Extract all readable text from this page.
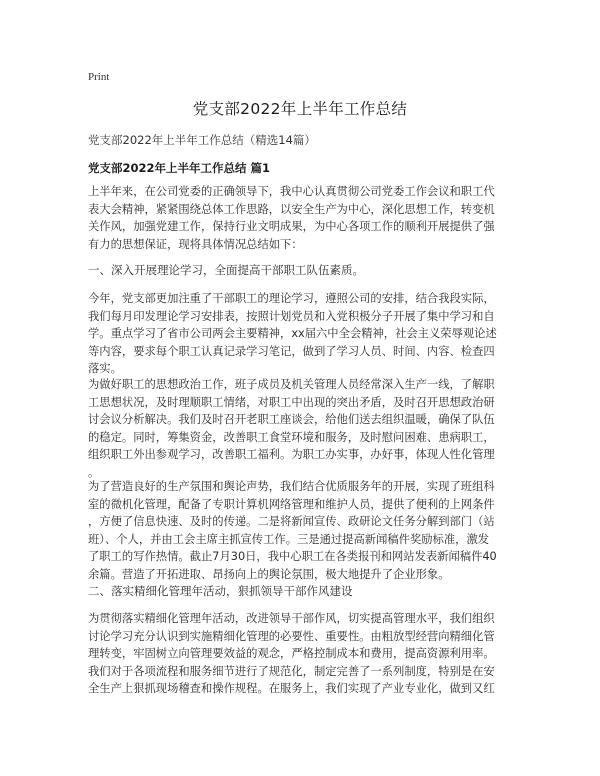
Print
党支部2022年上半年工作总结
党支部2022年上半年工作总结（精选14篇）
党支部2022年上半年工作总结 篇1
上半年来，在公司党委的正确领导下，我中心认真贯彻公司党委工作会议和职工代
表大会精神，紧紧围绕总体工作思路，以安全生产为中心，深化思想工作，转变机
关作风，加强党建工作，保持行业文明成果，为中心各项工作的顺利开展提供了强
有力的思想保证，现将具体情况总结如下：
一、深入开展理论学习，全面提高干部职工队伍素质。
今年，党支部更加注重了干部职工的理论学习，遵照公司的安排，结合我段实际，
我们每月印发理论学习安排表，按照计划党员和入党积极分子开展了集中学习和自
学。重点学习了省市公司两会主要精神，xx届六中全会精神，社会主义荣辱观论述
等内容，要求每个职工认真记录学习笔记，做到了学习人员、时间、内容、检查四
落实。
为做好职工的思想政治工作，班子成员及机关管理人员经常深入生产一线，了解职
工思想状况，及时理顺职工情绪，对职工中出现的突出矛盾，及时召开思想政治研
讨会议分析解决。我们及时召开老职工座谈会，给他们送去组织温暖，确保了队伍
的稳定。同时，筹集资金，改善职工食堂环境和服务，及时慰问困难、患病职工，
组织职工外出参观学习，改善职工福利。为职工办实事，办好事，体现人性化管理
。
为了营造良好的生产氛围和舆论声势，我们结合优质服务年的开展，实现了班组科
室的微机化管理，配备了专职计算机网络管理和维护人员，提供了便利的上网条件
，方便了信息快速、及时的传递。二是将新闻宣传、政研论文任务分解到部门（站
班）、个人，并由工会主席主抓宣传工作。三是通过提高新闻稿件奖励标准，激发
了职工的写作热情。截止7月30日，我中心职工在各类报刊和网站发表新闻稿件40
余篇。营造了开拓进取、昂扬向上的舆论氛围，极大地提升了企业形象。
二、落实精细化管理年活动，狠抓领导干部作风建设
为贯彻落实精细化管理年活动，改进领导干部作风，切实提高管理水平，我们组织
讨论学习充分认识到实施精细化管理的必要性、重要性。由粗放型经营向精细化管
理转变，牢固树立向管理要效益的观念，严格控制成本和费用，提高资源利用率。
我们对于各项流程和服务细节进行了规范化，制定完善了一系列制度，特别是在安
全生产上狠抓现场稽查和操作规程。在服务上，我们实现了产业专业化，做到又红
